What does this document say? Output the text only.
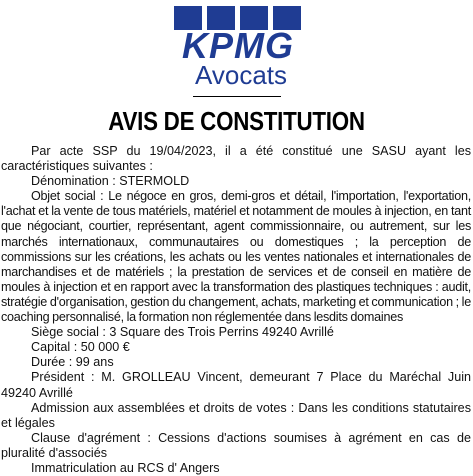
KPMG
Avocats
AVIS DE CONSTITUTION

Par acte SSP du 19/04/2023, il a été constitué une SASU ayant les caractéristiques suivantes :

Dénomination : STERMOLD

Objet social : Le négoce en gros, demi-gros et détail, l'importation, l'exportation, l'achat et la vente de tous matériels, matériel et notamment de moules à injection, en tant que négociant, courtier, représentant, agent commissionnaire, ou autrement, sur les marchés internationaux, communautaires ou domestiques ; la perception de commissions sur les créations, les achats ou les ventes nationales et internationales de marchandises et de matériels ; la prestation de services et de conseil en matière de moules à injection et en rapport avec la transformation des plastiques techniques : audit, stratégie d'organisation, gestion du changement, achats, marketing et communication ; le coaching personnalisé, la formation non réglementée dans lesdits domaines

Siège social : 3 Square des Trois Perrins 49240 Avrillé

Capital : 50 000 €

Durée : 99 ans

Président : M. GROLLEAU Vincent, demeurant 7 Place du Maréchal Juin 49240 Avrillé

Admission aux assemblées et droits de votes : Dans les conditions statutaires et légales

Clause d'agrément : Cessions d'actions soumises à agrément en cas de pluralité d'associés

Immatriculation au RCS d' Angers
